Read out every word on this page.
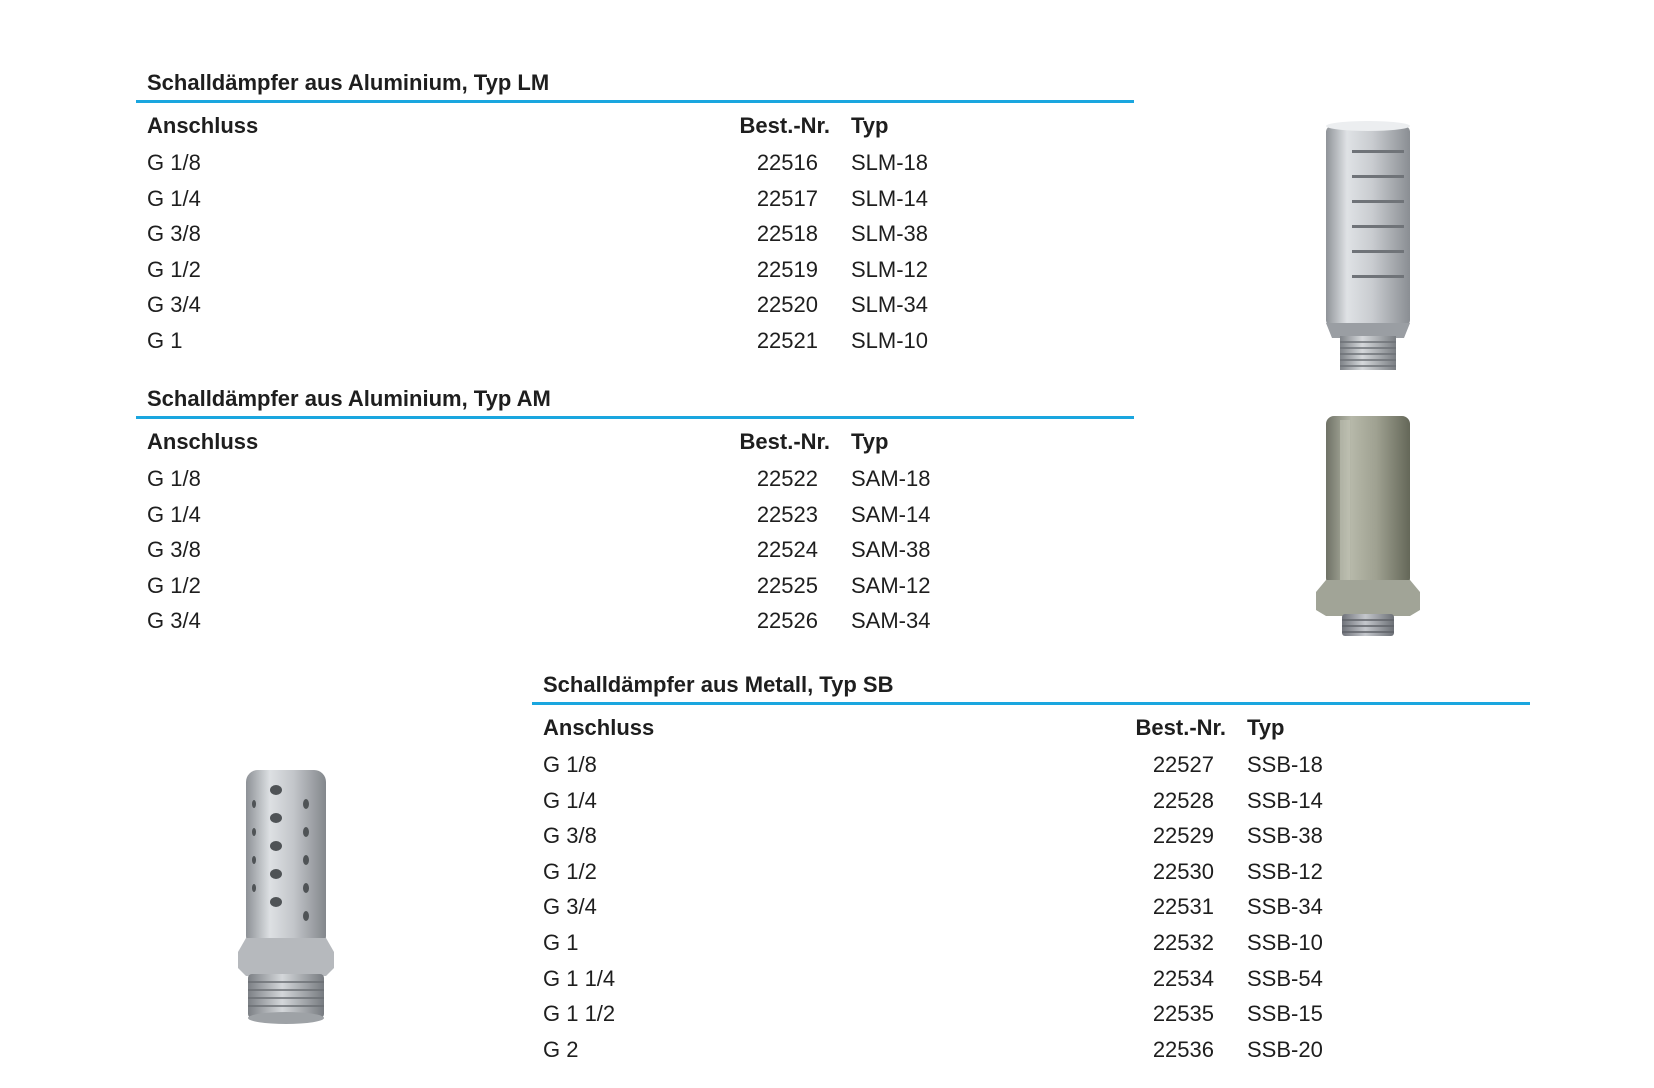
Schalldämpfer aus Aluminium, Typ LM
Anschluss	Best.-Nr. Typ
G 1/8	22516 SLM-18
G 1/4	22517 SLM-14
G 3/8	22518 SLM-38
G 1/2	22519 SLM-12
G 3/4	22520 SLM-34
G 1	22521 SLM-10
Schalldämpfer aus Aluminium, Typ AM
Anschluss	Best.-Nr. Typ
G 1/8	22522 SAM-18
G 1/4	22523 SAM-14
G 3/8	22524 SAM-38
G 1/2	22525 SAM-12
G 3/4	22526 SAM-34
Schalldämpfer aus Metall, Typ SB
Anschluss	Best.-Nr. Typ
G 1/8	22527 SSB-18
G 1/4	22528 SSB-14
G 3/8	22529 SSB-38
G 1/2	22530 SSB-12
G 3/4	22531 SSB-34
G 1	22532 SSB-10
G 1 1/4	22534 SSB-54
G 1 1/2	22535 SSB-15
G 2	22536 SSB-20
